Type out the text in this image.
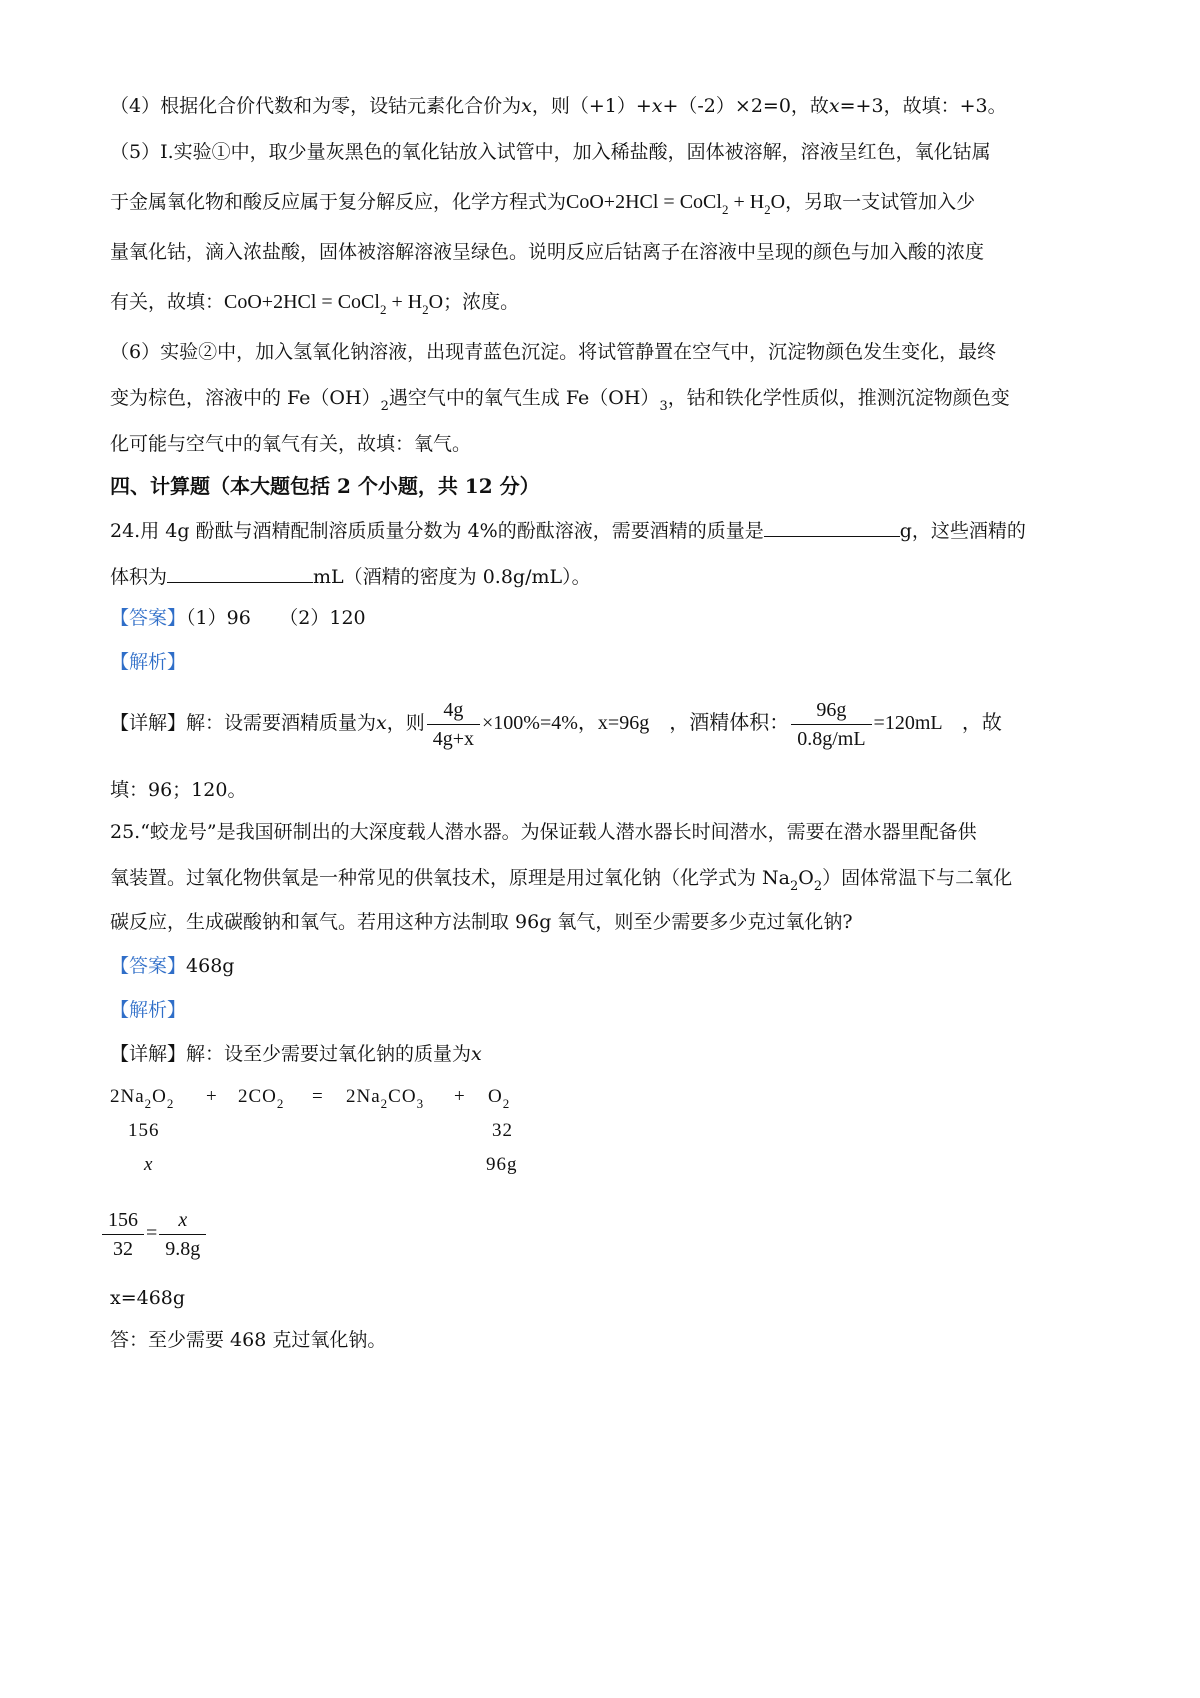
（4）根据化合价代数和为零，设钴元素化合价为x，则（+1）+x+（-2）×2=0，故x=+3，故填：+3。
（5）I.实验①中，取少量灰黑色的氧化钴放入试管中，加入稀盐酸，固体被溶解，溶液呈红色，氧化钴属
于金属氧化物和酸反应属于复分解反应，化学方程式为CoO+2HCl = CoCl$_2$ + $H_2O$，另取一支试管加入少
量氧化钴，滴入浓盐酸，固体被溶解溶液呈绿色。说明反应后钴离子在溶液中呈现的颜色与加入酸的浓度
有关，故填：CoO+2HCl = CoCl$_2$ + $H_2O$；浓度。
（6）实验②中，加入氢氧化钠溶液，出现青蓝色沉淀。将试管静置在空气中，沉淀物颜色发生变化，最终
变为棕色，溶液中的 $Fe(OH)_2$遇空气中的氧气生成 $Fe(OH)_3$，钴和铁化学性质似，推测沉淀物颜色变
化可能与空气中的氧气有关，故填：氧气。
四、计算题（本大题包括 2 个小题，共 12 分）
24.用 4g 酚酞与酒精配制溶质质量分数为 4%的酚酞溶液，需要酒精的质量是	g，这些酒精的
体积为	mL（酒精的密度为 0.8g/mL）。
【答案】（1）96　　（2）120
【解析】
【详解】解：设需要酒精质量为x，则 $\frac{4g}{4g+x} \times 100\%=4\%$，x=96g　，酒精体积： $\frac{96g}{0.8g/mL} =120mL$　，故
填：96；120。
25.“蛟龙号”是我国研制出的大深度载人潜水器。为保证载人潜水器长时间潜水，需要在潜水器里配备供
氧装置。过氧化物供氧是一种常见的供氧技术，原理是用过氧化钠（化学式为 $Na_2O_2$）固体常温下与二氧化
碳反应，生成碳酸钠和氧气。若用这种方法制取 96g 氧气，则至少需要多少克过氧化钠?
【答案】468g
【解析】
【详解】解：设至少需要过氧化钠的质量为x
$2Na_2O_2 + 2CO_2 = 2Na_2CO_3 + O_2$
156	32
x	96g
$\frac{156}{32} = \frac{x}{9.8g}$
x=468g
答：至少需要 468 克过氧化钠。
